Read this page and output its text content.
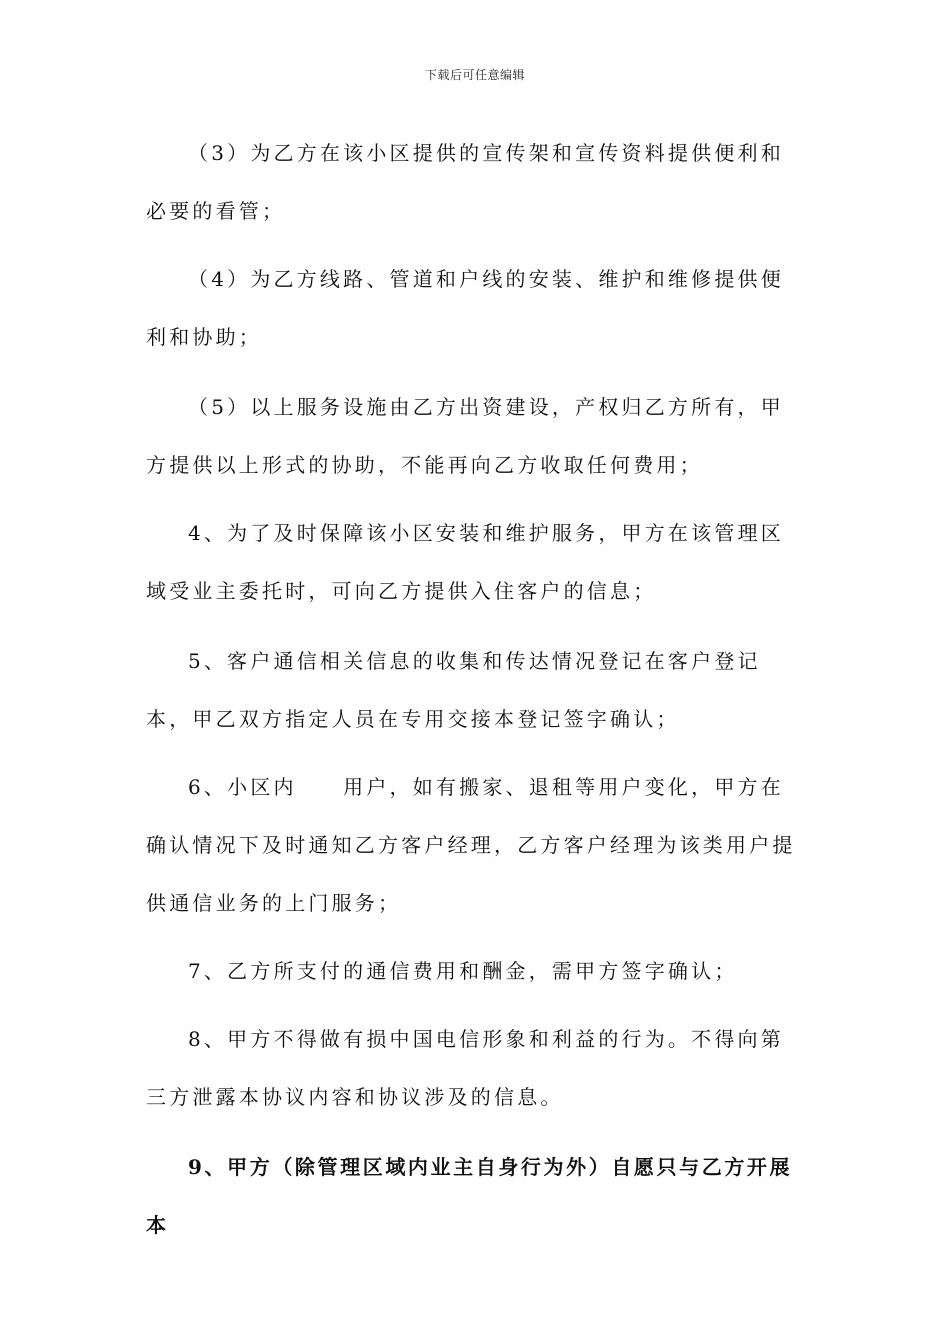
下载后可任意编辑
（3）为乙方在该小区提供的宣传架和宣传资料提供便利和必要的看管；
（4）为乙方线路、管道和户线的安装、维护和维修提供便利和协助；
（5）以上服务设施由乙方出资建设，产权归乙方所有，甲方提供以上形式的协助，不能再向乙方收取任何费用；
4、为了及时保障该小区安装和维护服务，甲方在该管理区域受业主委托时，可向乙方提供入住客户的信息；
5、客户通信相关信息的收集和传达情况登记在客户登记本，甲乙双方指定人员在专用交接本登记签字确认；
6、小区内　　用户，如有搬家、退租等用户变化，甲方在确认情况下及时通知乙方客户经理，乙方客户经理为该类用户提供通信业务的上门服务；
7、乙方所支付的通信费用和酬金，需甲方签字确认；
8、甲方不得做有损中国电信形象和利益的行为。不得向第三方泄露本协议内容和协议涉及的信息。
9、甲方（除管理区域内业主自身行为外）自愿只与乙方开展本
